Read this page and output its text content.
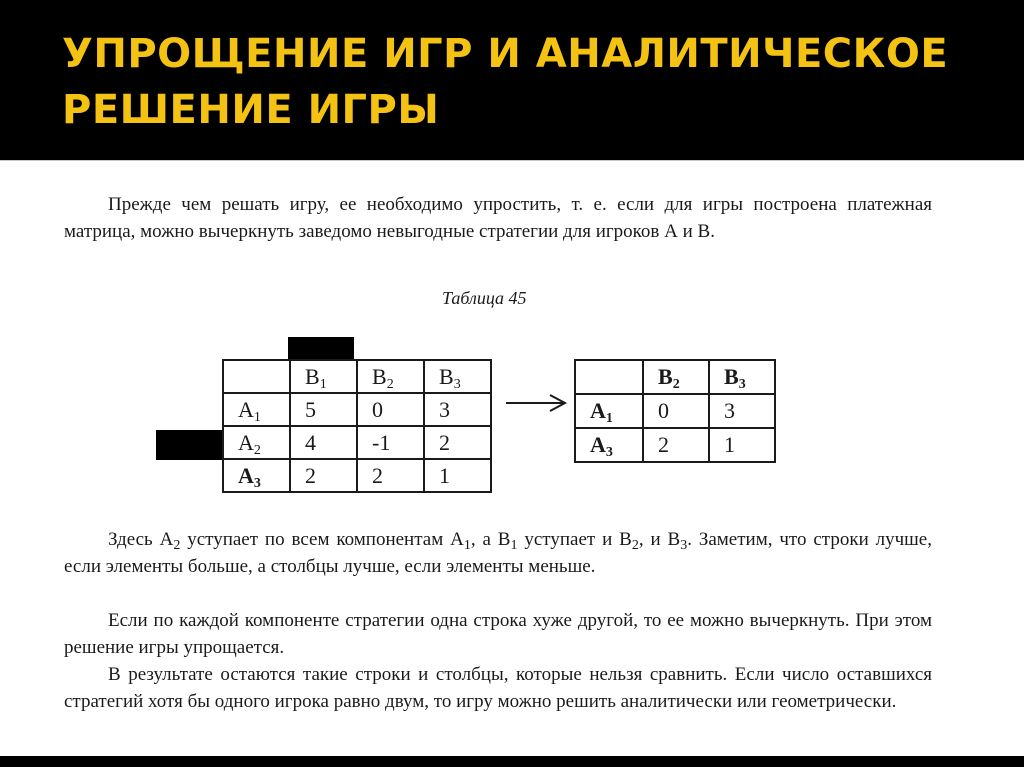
УПРОЩЕНИЕ ИГР И АНАЛИТИЧЕСКОЕ РЕШЕНИЕ ИГРЫ

Прежде чем решать игру, ее необходимо упростить, т. е. если для игры построена платежная матрица, можно вычеркнуть заведомо невыгодные стратегии для игроков А и В.

Таблица 45
	$B_1$	$B_2$	$B_3$
$A_1$	5	0	3
$A_2$	4	-1	2
$A_3$	2	2	1
	$B_2$	$B_3$
$A_1$	0	3
$A_3$	2	1

Здесь $А_2$ уступает по всем компонентам $А_1$, а $В_1$ уступает и $В_2$, и $В_3$. Заметим, что строки лучше, если элементы больше, а столбцы лучше, если элементы меньше.

Если по каждой компоненте стратегии одна строка хуже другой, то ее можно вычеркнуть. При этом решение игры упрощается.

В результате остаются такие строки и столбцы, которые нельзя сравнить. Если число оставшихся стратегий хотя бы одного игрока равно двум, то игру можно решить аналитически или геометрически.
